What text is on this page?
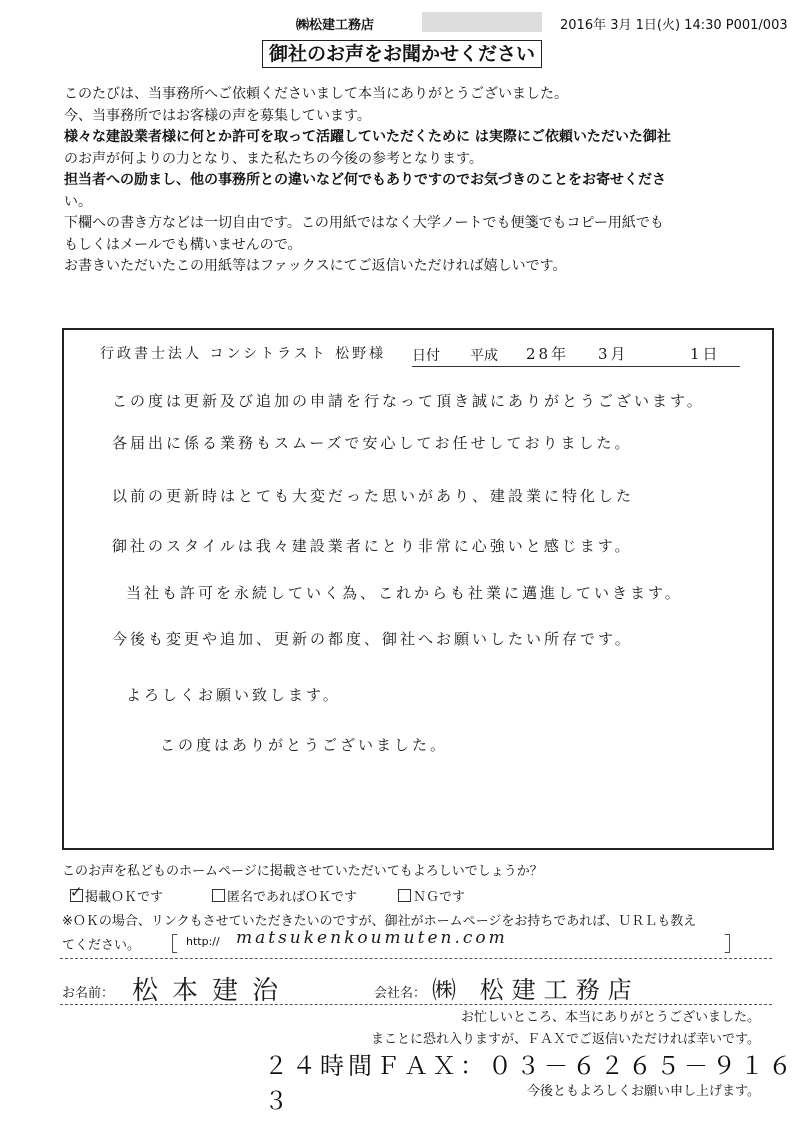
㈱松建工務店	2016年 3月 1日(火) 14:30 P001/003
御社のお声をお聞かせください

このたびは、当事務所へご依頼くださいまして本当にありがとうございました。

今、当事務所ではお客様の声を募集しています。

様々な建設業者様に何とか許可を取って活躍していただくために は実際にご依頼いただいた御社

のお声が何よりの力となり、また私たちの今後の参考となります。

担当者への励まし、他の事務所との違いなど何でもありですのでお気づきのことをお寄せくださ

い。

下欄への書き方などは一切自由です。この用紙ではなく大学ノートでも便箋でもコピー用紙でも

もしくはメールでも構いませんので。

お書きいただいたこの用紙等はファックスにてご返信いただければ嬉しいです。

行政書士法人 コンシトラスト 松野様 日付 平成 28年 3月	1日
この度は更新及び追加の申請を行なって頂き誠にありがとうございます。
各届出に係る業務もスムーズで安心してお任せしておりました。
以前の更新時はとても大変だった思いがあり、建設業に特化した
御社のスタイルは我々建設業者にとり非常に心強いと感じます。
当社も許可を永続していく為、これからも社業に邁進していきます。
今後も変更や追加、更新の都度、御社へお願いしたい所存です。
よろしくお願い致します。
この度はありがとうございました。
このお声を私どものホームページに掲載させていただいてもよろしいでしょうか？
✓掲載ＯＫです	匿名であればＯＫです	ＮＧです
※ＯＫの場合、リンクもさせていただきたいのですが、御社がホームページをお持ちであれば、ＵＲＬも教え
てください。 ［ http:// matsukenkoumuten.com	］
お名前： 松本建治	会社名： ㈱ 松建工務店
お忙しいところ、本当にありがとうございました。
まことに恐れ入りますが、ＦＡＸでご返信いただければ幸いです。
２４時間ＦＡＸ：０３－６２６５－９１６３	今後ともよろしくお願い申し上げます。
